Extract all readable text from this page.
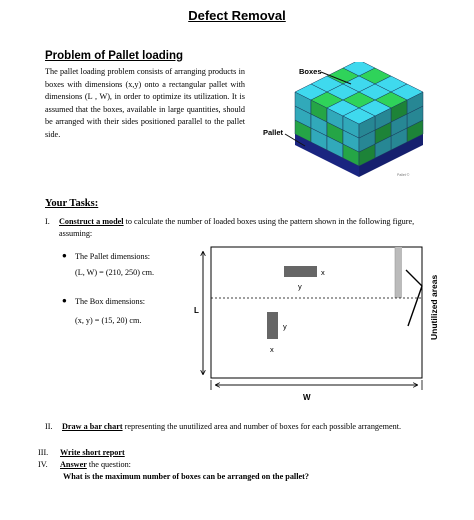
Defect Removal
Problem of Pallet loading
The pallet loading problem consists of arranging products in boxes with dimensions (x,y) onto a rectangular pallet with dimensions (L , W), in order to optimize its utilization. It is assumed that the boxes, available in large quantities, should be arranged with their sides positioned parallel to the pallet side.
Boxes
Pallet
Pallet ©
Your Tasks:
I. Construct a model to calculate the number of loaded boxes using the pattern shown in the following figure, assuming:
● The Pallet dimensions:
(L, W) = (210, 250) cm.
● The Box dimensions:
(x, y) = (15, 20) cm.
x
y
y
x
L
W
Unutilized areas
II. Draw a bar chart representing the unutilized area and number of boxes for each possible arrangement.
III. Write short report
IV. Answer the question:
What is the maximum number of boxes can be arranged on the pallet?
